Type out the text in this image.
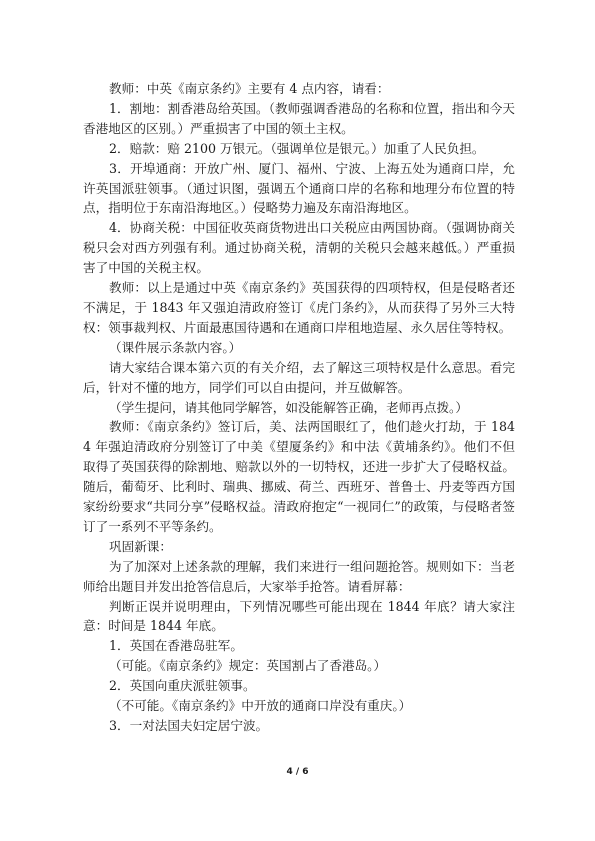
教师：中英《南京条约》主要有 4 点内容，请看：

1．割地：割香港岛给英国。（教师强调香港岛的名称和位置，指出和今天香港地区的区别。）严重损害了中国的领土主权。

2．赔款：赔 2100 万银元。（强调单位是银元。）加重了人民负担。

3．开埠通商：开放广州、厦门、福州、宁波、上海五处为通商口岸，允许英国派驻领事。（通过识图，强调五个通商口岸的名称和地理分布位置的特点，指明位于东南沿海地区。）侵略势力遍及东南沿海地区。

4．协商关税：中国征收英商货物进出口关税应由两国协商。（强调协商关税只会对西方列强有利。通过协商关税，清朝的关税只会越来越低。）严重损害了中国的关税主权。

教师：以上是通过中英《南京条约》英国获得的四项特权，但是侵略者还不满足，于 1843 年又强迫清政府签订《虎门条约》，从而获得了另外三大特权：领事裁判权、片面最惠国待遇和在通商口岸租地造屋、永久居住等特权。

（课件展示条款内容。）

请大家结合课本第六页的有关介绍，去了解这三项特权是什么意思。看完后，针对不懂的地方，同学们可以自由提问，并互做解答。

（学生提问，请其他同学解答，如没能解答正确，老师再点拨。）

教师：《南京条约》签订后，美、法两国眼红了，他们趁火打劫，于 1844 年强迫清政府分别签订了中美《望厦条约》和中法《黄埔条约》。他们不但取得了英国获得的除割地、赔款以外的一切特权，还进一步扩大了侵略权益。随后，葡萄牙、比利时、瑞典、挪威、荷兰、西班牙、普鲁士、丹麦等西方国家纷纷要求“共同分享”侵略权益。清政府抱定“一视同仁”的政策，与侵略者签订了一系列不平等条约。

巩固新课：

为了加深对上述条款的理解，我们来进行一组问题抢答。规则如下：当老师给出题目并发出抢答信息后，大家举手抢答。请看屏幕：

判断正误并说明理由，下列情况哪些可能出现在 1844 年底？请大家注意：时间是 1844 年底。

1．英国在香港岛驻军。

（可能。《南京条约》规定：英国割占了香港岛。）

2．英国向重庆派驻领事。

（不可能。《南京条约》中开放的通商口岸没有重庆。）

3．一对法国夫妇定居宁波。

4 / 6
